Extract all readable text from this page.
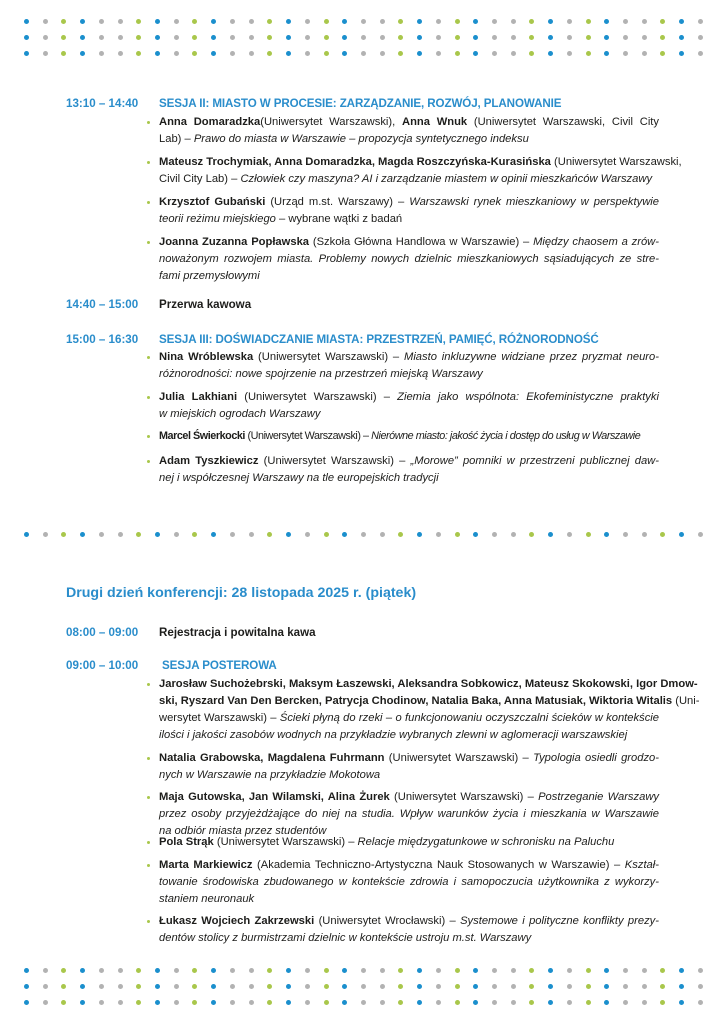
13:10 – 14:40 SESJA II: MIASTO W PROCESIE: ZARZĄDZANIE, ROZWÓJ, PLANOWANIE
Anna Domaradzka(Uniwersytet Warszawski), Anna Wnuk (Uniwersytet Warszawski, Civil City
Lab) – Prawo do miasta w Warszawie – propozycja syntetycznego indeksu
Mateusz Trochymiak, Anna Domaradzka, Magda Roszczyńska-Kurasińska (Uniwersytet Warszawski,
Civil City Lab) – Człowiek czy maszyna? AI i zarządzanie miastem w opinii mieszkańców Warszawy
Krzysztof Gubański (Urząd m.st. Warszawy) – Warszawski rynek mieszkaniowy w perspektywie
teorii reżimu miejskiego – wybrane wątki z badań
Joanna Zuzanna Popławska (Szkoła Główna Handlowa w Warszawie) – Między chaosem a zrów-
noważonym rozwojem miasta. Problemy nowych dzielnic mieszkaniowych sąsiadujących ze stre-
fami przemysłowymi
14:40 – 15:00 Przerwa kawowa
15:00 – 16:30 SESJA III: DOŚWIADCZANIE MIASTA: PRZESTRZEŃ, PAMIĘĆ, RÓŻNORODNOŚĆ
Nina Wróblewska (Uniwersytet Warszawski) – Miasto inkluzywne widziane przez pryzmat neuro-
różnorodności: nowe spojrzenie na przestrzeń miejską Warszawy
Julia Lakhiani (Uniwersytet Warszawski) – Ziemia jako wspólnota: Ekofeministyczne praktyki
w miejskich ogrodach Warszawy
Marcel Świerkocki (Uniwersytet Warszawski) – Nierówne miasto: jakość życia i dostęp do usług w Warszawie
Adam Tyszkiewicz (Uniwersytet Warszawski) – „Morowe” pomniki w przestrzeni publicznej daw-
nej i współczesnej Warszawy na tle europejskich tradycji
Drugi dzień konferencji: 28 listopada 2025 r. (piątek)
08:00 – 09:00 Rejestracja i powitalna kawa
09:00 – 10:00 SESJA POSTEROWA
Jarosław Suchożebrski, Maksym Łaszewski, Aleksandra Sobkowicz, Mateusz Skokowski, Igor Dmow-
ski, Ryszard Van Den Bercken, Patrycja Chodinow, Natalia Baka, Anna Matusiak, Wiktoria Witalis (Uni-
wersytet Warszawski) – Ścieki płyną do rzeki – o funkcjonowaniu oczyszczalni ścieków w kontekście
ilości i jakości zasobów wodnych na przykładzie wybranych zlewni w aglomeracji warszawskiej
Natalia Grabowska, Magdalena Fuhrmann (Uniwersytet Warszawski) – Typologia osiedli grodzo-
nych w Warszawie na przykładzie Mokotowa
Maja Gutowska, Jan Wilamski, Alina Żurek (Uniwersytet Warszawski) – Postrzeganie Warszawy
przez osoby przyjeżdżające do niej na studia. Wpływ warunków życia i mieszkania w Warszawie
na odbiór miasta przez studentów
Pola Strąk (Uniwersytet Warszawski) – Relacje międzygatunkowe w schronisku na Paluchu
Marta Markiewicz (Akademia Techniczno-Artystyczna Nauk Stosowanych w Warszawie) – Kształ-
towanie środowiska zbudowanego w kontekście zdrowia i samopoczucia użytkownika z wykorzy-
staniem neuronauk
Łukasz Wojciech Zakrzewski (Uniwersytet Wrocławski) – Systemowe i polityczne konflikty prezy-
dentów stolicy z burmistrzami dzielnic w kontekście ustroju m.st. Warszawy
